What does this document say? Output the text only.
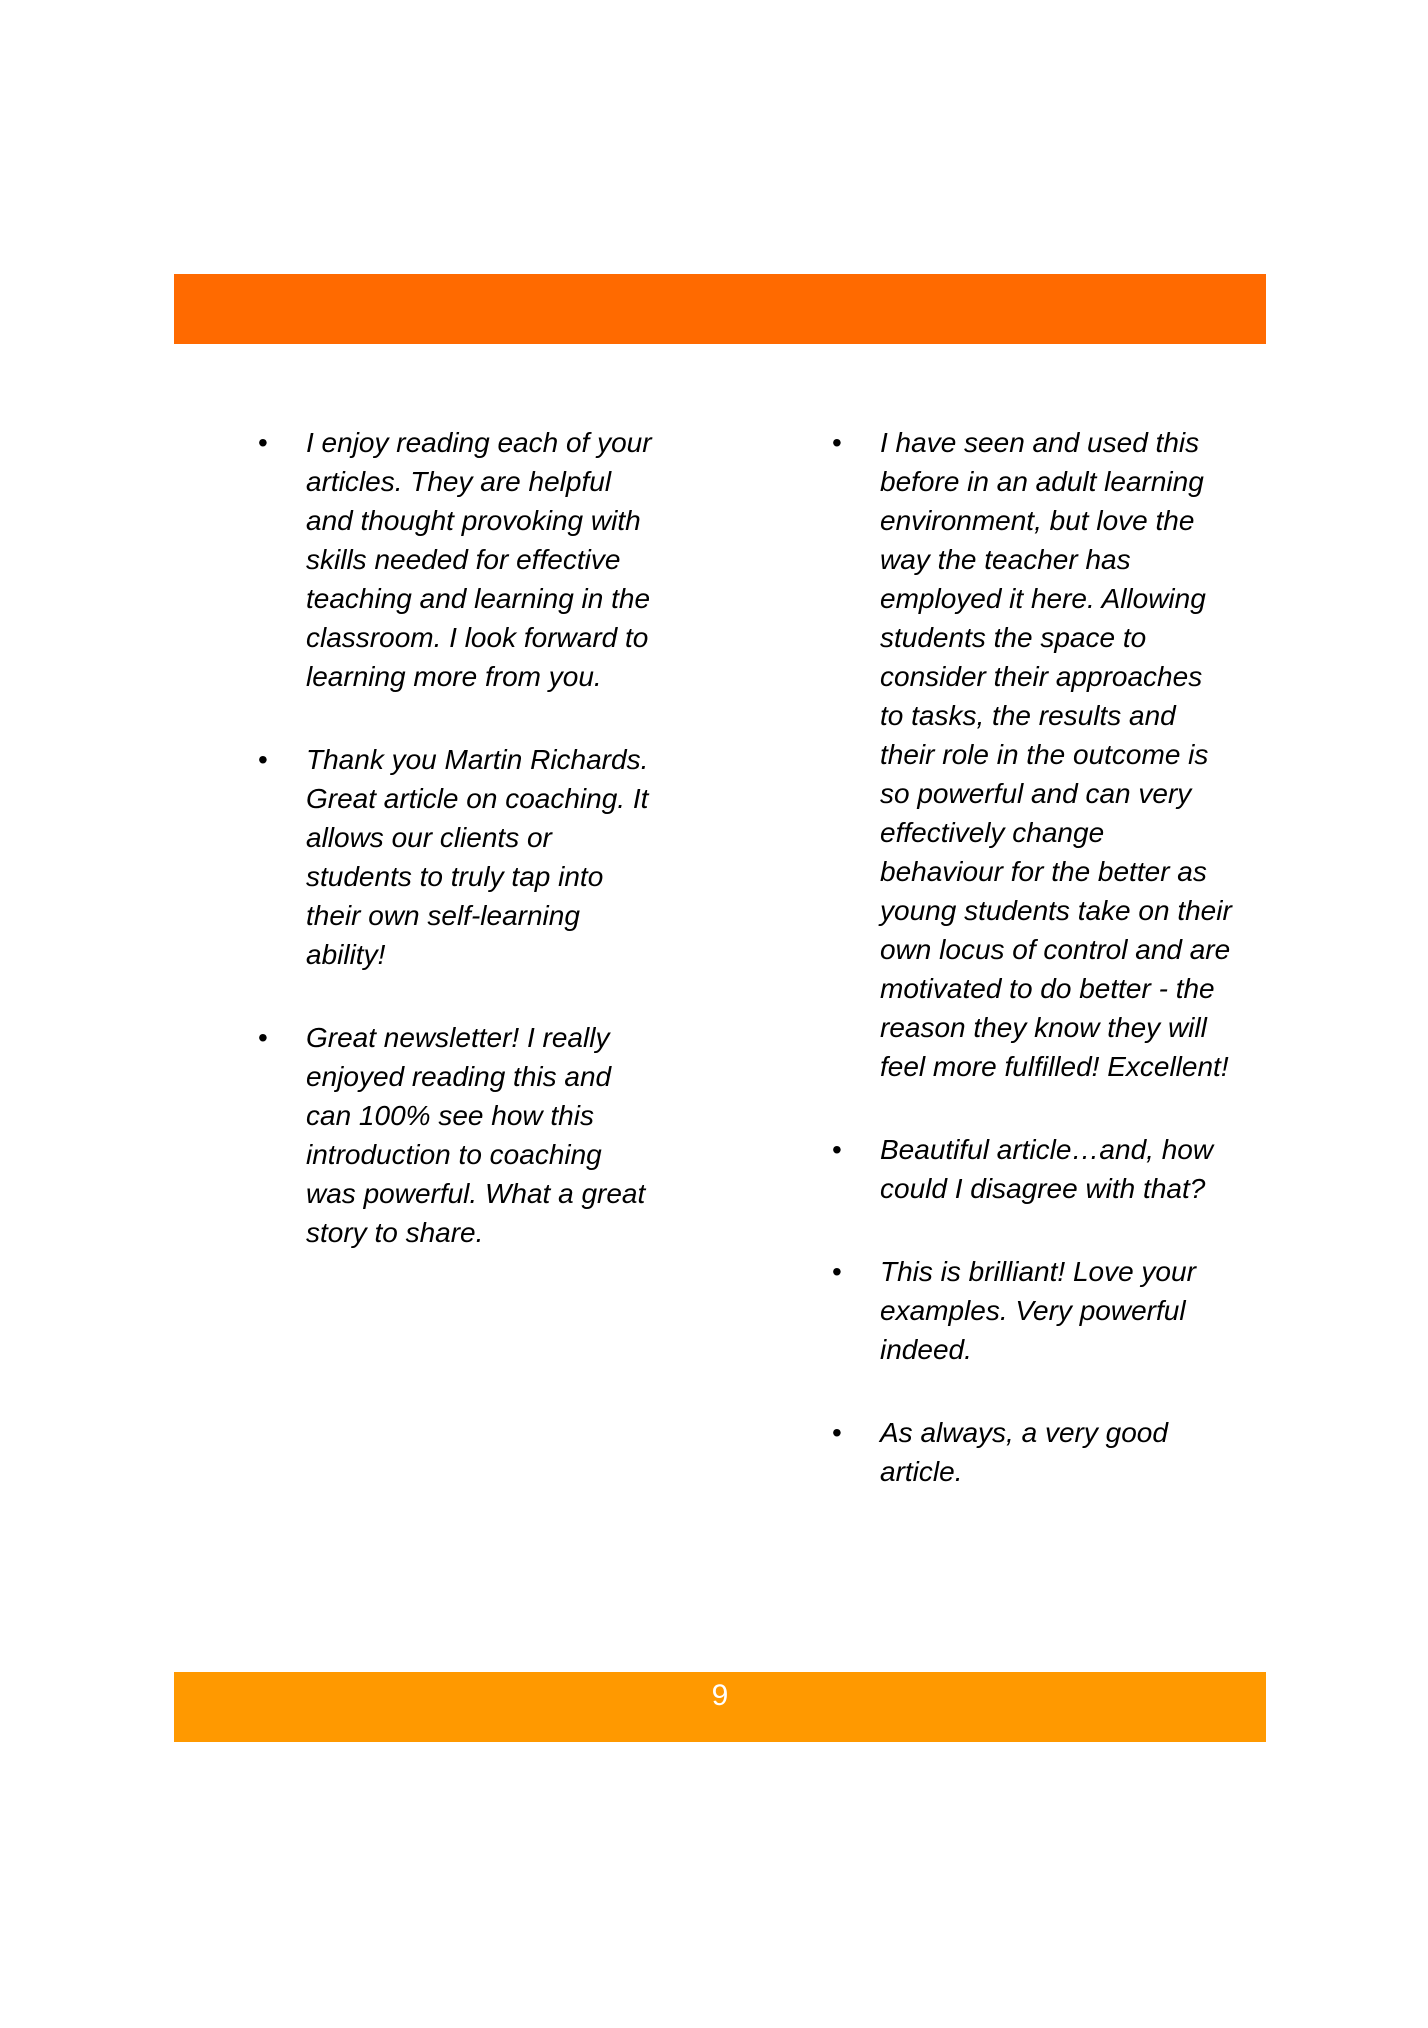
• I enjoy reading each of your articles. They are helpful and thought provoking with skills needed for effective teaching and learning in the classroom. I look forward to learning more from you.
• Thank you Martin Richards. Great article on coaching. It allows our clients or students to truly tap into their own self-learning ability!
• Great newsletter! I really enjoyed reading this and can 100% see how this introduction to coaching was powerful. What a great story to share.
• I have seen and used this before in an adult learning environment, but love the way the teacher has employed it here. Allowing students the space to consider their approaches to tasks, the results and their role in the outcome is so powerful and can very effectively change behaviour for the better as young students take on their own locus of control and are motivated to do better - the reason they know they will feel more fulfilled! Excellent!
• Beautiful article…and, how could I disagree with that?
• This is brilliant! Love your examples. Very powerful indeed.
• As always, a very good article.
9
